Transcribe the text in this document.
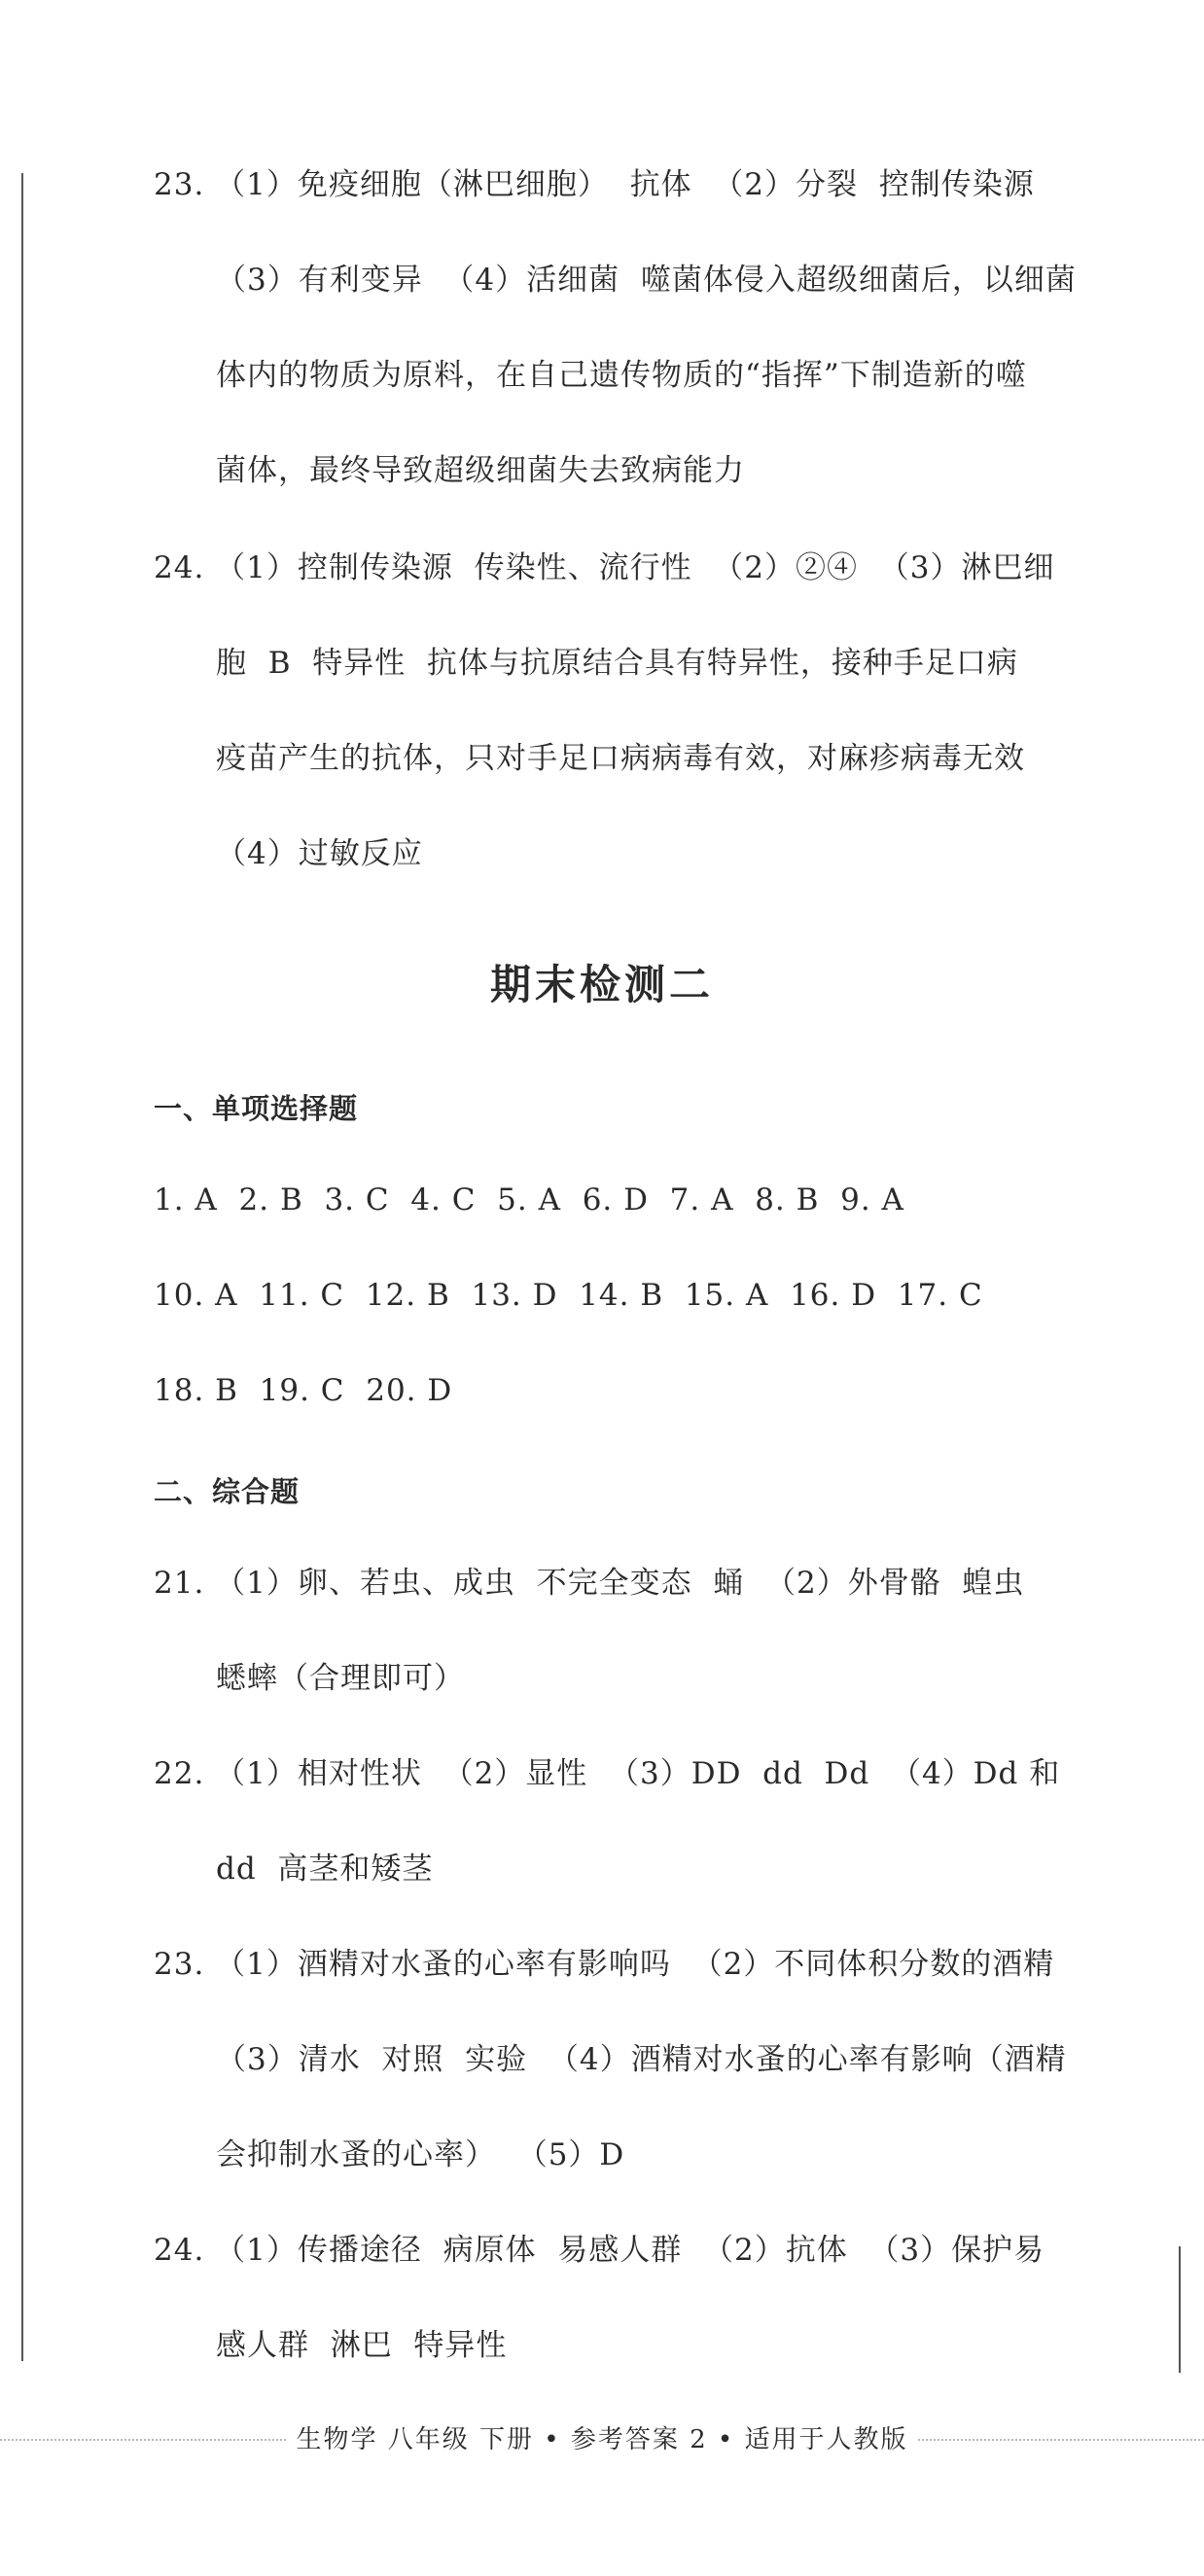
23. （1）免疫细胞（淋巴细胞）  抗体  （2）分裂  控制传染源
（3）有利变异  （4）活细菌  噬菌体侵入超级细菌后，以细菌
体内的物质为原料，在自己遗传物质的“指挥”下制造新的噬
菌体，最终导致超级细菌失去致病能力
24. （1）控制传染源  传染性、流行性  （2）②④  （3）淋巴细
胞  B  特异性  抗体与抗原结合具有特异性，接种手足口病
疫苗产生的抗体，只对手足口病病毒有效，对麻疹病毒无效
（4）过敏反应
期末检测二
一、单项选择题
1. A  2. B  3. C  4. C  5. A  6. D  7. A  8. B  9. A
10. A  11. C  12. B  13. D  14. B  15. A  16. D  17. C
18. B  19. C  20. D
二、综合题
21. （1）卵、若虫、成虫  不完全变态  蛹  （2）外骨骼  蝗虫
蟋蟀（合理即可）
22. （1）相对性状  （2）显性  （3）DD  dd  Dd  （4）Dd 和
dd  高茎和矮茎
23. （1）酒精对水蚤的心率有影响吗  （2）不同体积分数的酒精
（3）清水  对照  实验  （4）酒精对水蚤的心率有影响（酒精
会抑制水蚤的心率）  （5）D
24. （1）传播途径  病原体  易感人群  （2）抗体  （3）保护易
感人群  淋巴  特异性
生物学 八年级 下册 • 参考答案 2 • 适用于人教版
